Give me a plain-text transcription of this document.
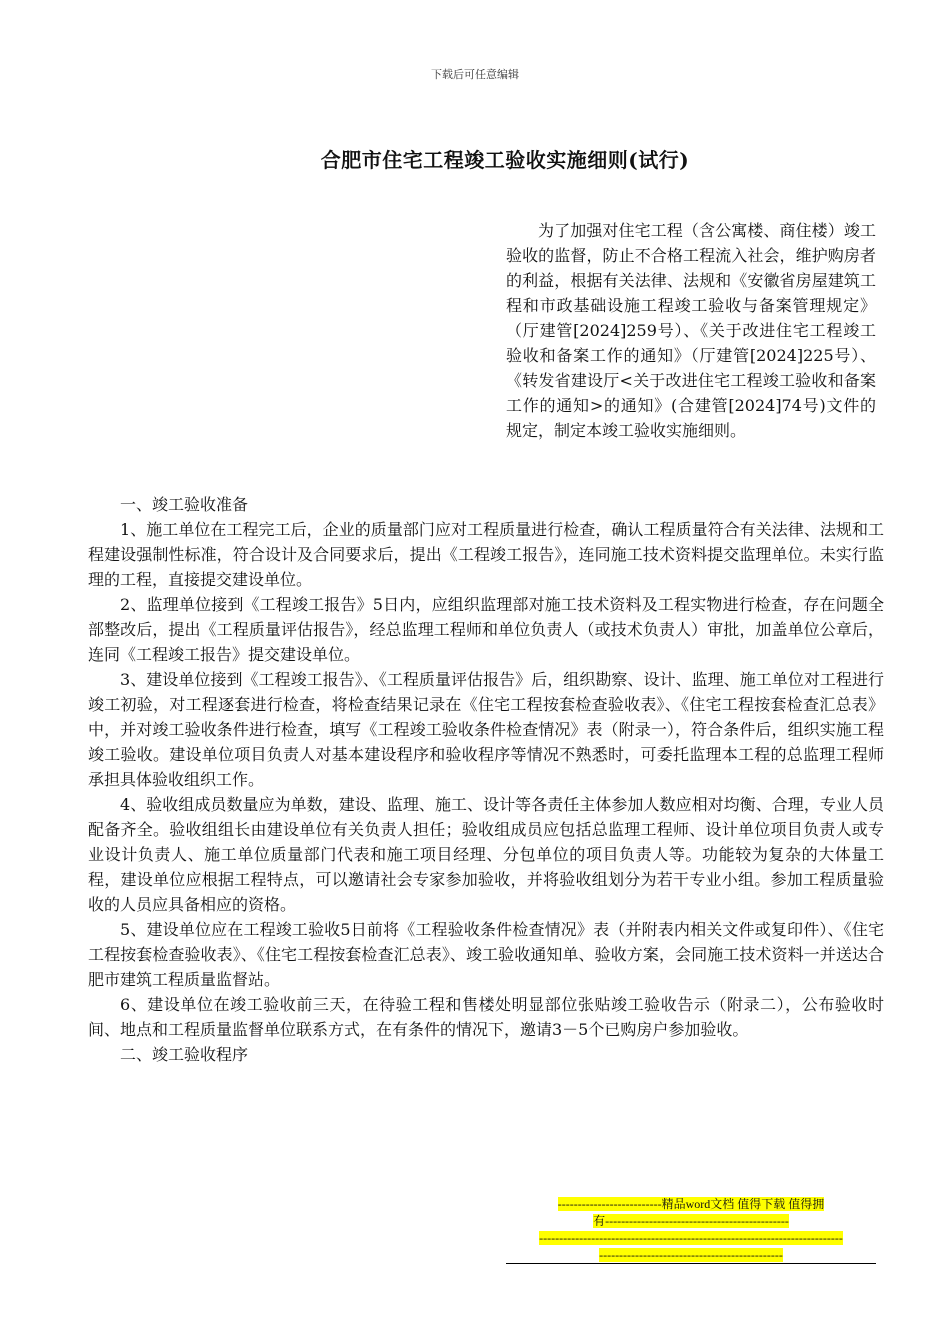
下载后可任意编辑
合肥市住宅工程竣工验收实施细则(试行)

为了加强对住宅工程（含公寓楼、商住楼）竣工验收的监督，防止不合格工程流入社会，维护购房者的利益，根据有关法律、法规和《安徽省房屋建筑工程和市政基础设施工程竣工验收与备案管理规定》（厅建管[2024]259号）、《关于改进住宅工程竣工验收和备案工作的通知》（厅建管[2024]225号）、《转发省建设厅<关于改进住宅工程竣工验收和备案工作的通知>的通知》(合建管[2024]74号)文件的规定，制定本竣工验收实施细则。

一、竣工验收准备

1、施工单位在工程完工后，企业的质量部门应对工程质量进行检查，确认工程质量符合有关法律、法规和工程建设强制性标准，符合设计及合同要求后，提出《工程竣工报告》，连同施工技术资料提交监理单位。未实行监理的工程，直接提交建设单位。

2、监理单位接到《工程竣工报告》5日内，应组织监理部对施工技术资料及工程实物进行检查，存在问题全部整改后，提出《工程质量评估报告》，经总监理工程师和单位负责人（或技术负责人）审批，加盖单位公章后，连同《工程竣工报告》提交建设单位。

3、建设单位接到《工程竣工报告》、《工程质量评估报告》后，组织勘察、设计、监理、施工单位对工程进行竣工初验，对工程逐套进行检查，将检查结果记录在《住宅工程按套检查验收表》、《住宅工程按套检查汇总表》中，并对竣工验收条件进行检查，填写《工程竣工验收条件检查情况》表（附录一），符合条件后，组织实施工程竣工验收。建设单位项目负责人对基本建设程序和验收程序等情况不熟悉时，可委托监理本工程的总监理工程师承担具体验收组织工作。

4、验收组成员数量应为单数，建设、监理、施工、设计等各责任主体参加人数应相对均衡、合理，专业人员配备齐全。验收组组长由建设单位有关负责人担任；验收组成员应包括总监理工程师、设计单位项目负责人或专业设计负责人、施工单位质量部门代表和施工项目经理、分包单位的项目负责人等。功能较为复杂的大体量工程，建设单位应根据工程特点，可以邀请社会专家参加验收，并将验收组划分为若干专业小组。参加工程质量验收的人员应具备相应的资格。

5、建设单位应在工程竣工验收5日前将《工程验收条件检查情况》表（并附表内相关文件或复印件）、《住宅工程按套检查验收表》、《住宅工程按套检查汇总表》、竣工验收通知单、验收方案，会同施工技术资料一并送达合肥市建筑工程质量监督站。

6、建设单位在竣工验收前三天，在待验工程和售楼处明显部位张贴竣工验收告示（附录二），公布验收时间、地点和工程质量监督单位联系方式，在有条件的情况下，邀请3－5个已购房户参加验收。

二、竣工验收程序

--------------------------精品word文档 值得下载 值得拥
有----------------------------------------------
----------------------------------------------------------------------------
----------------------------------------------
